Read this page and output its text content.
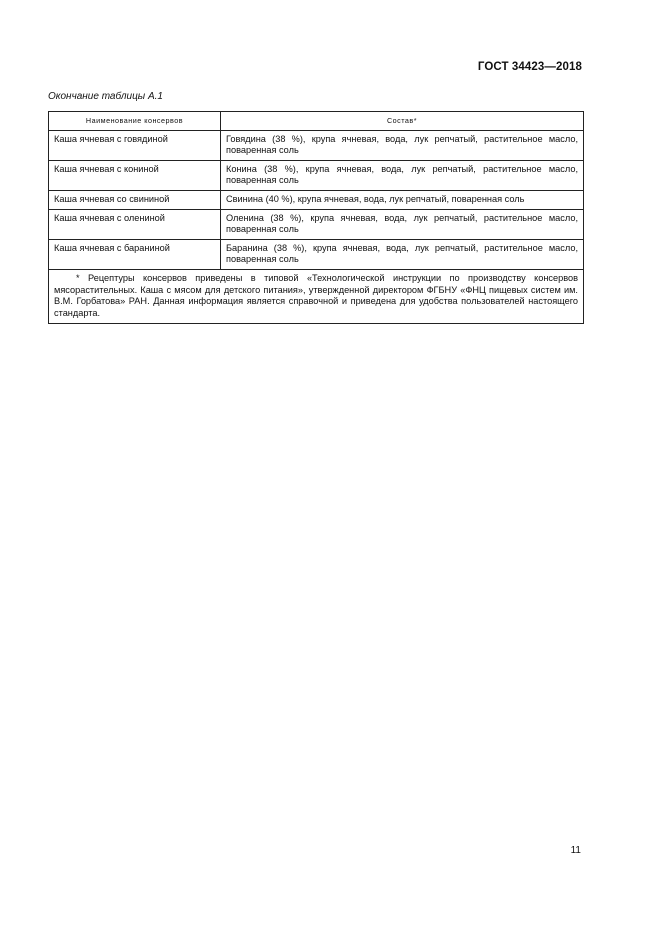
ГОСТ 34423—2018
Окончание таблицы А.1
Наименование консервов	Состав*
Каша ячневая с говядиной	Говядина (38 %), крупа ячневая, вода, лук репчатый, растительное масло, поваренная соль
Каша ячневая с кониной	Конина (38 %), крупа ячневая, вода, лук репчатый, растительное масло, поваренная соль
Каша ячневая со свининой	Свинина (40 %), крупа ячневая, вода, лук репчатый, поваренная соль
Каша ячневая с олениной	Оленина (38 %), крупа ячневая, вода, лук репчатый, растительное масло, поваренная соль
Каша ячневая с бараниной	Баранина (38 %), крупа ячневая, вода, лук репчатый, растительное масло, поваренная соль
* Рецептуры консервов приведены в типовой «Технологической инструкции по производству консервов мясорастительных. Каша с мясом для детского питания», утвержденной директором ФГБНУ «ФНЦ пищевых систем им. В.М. Горбатова» РАН. Данная информация является справочной и приведена для удобства пользователей настоящего стандарта.	
11
